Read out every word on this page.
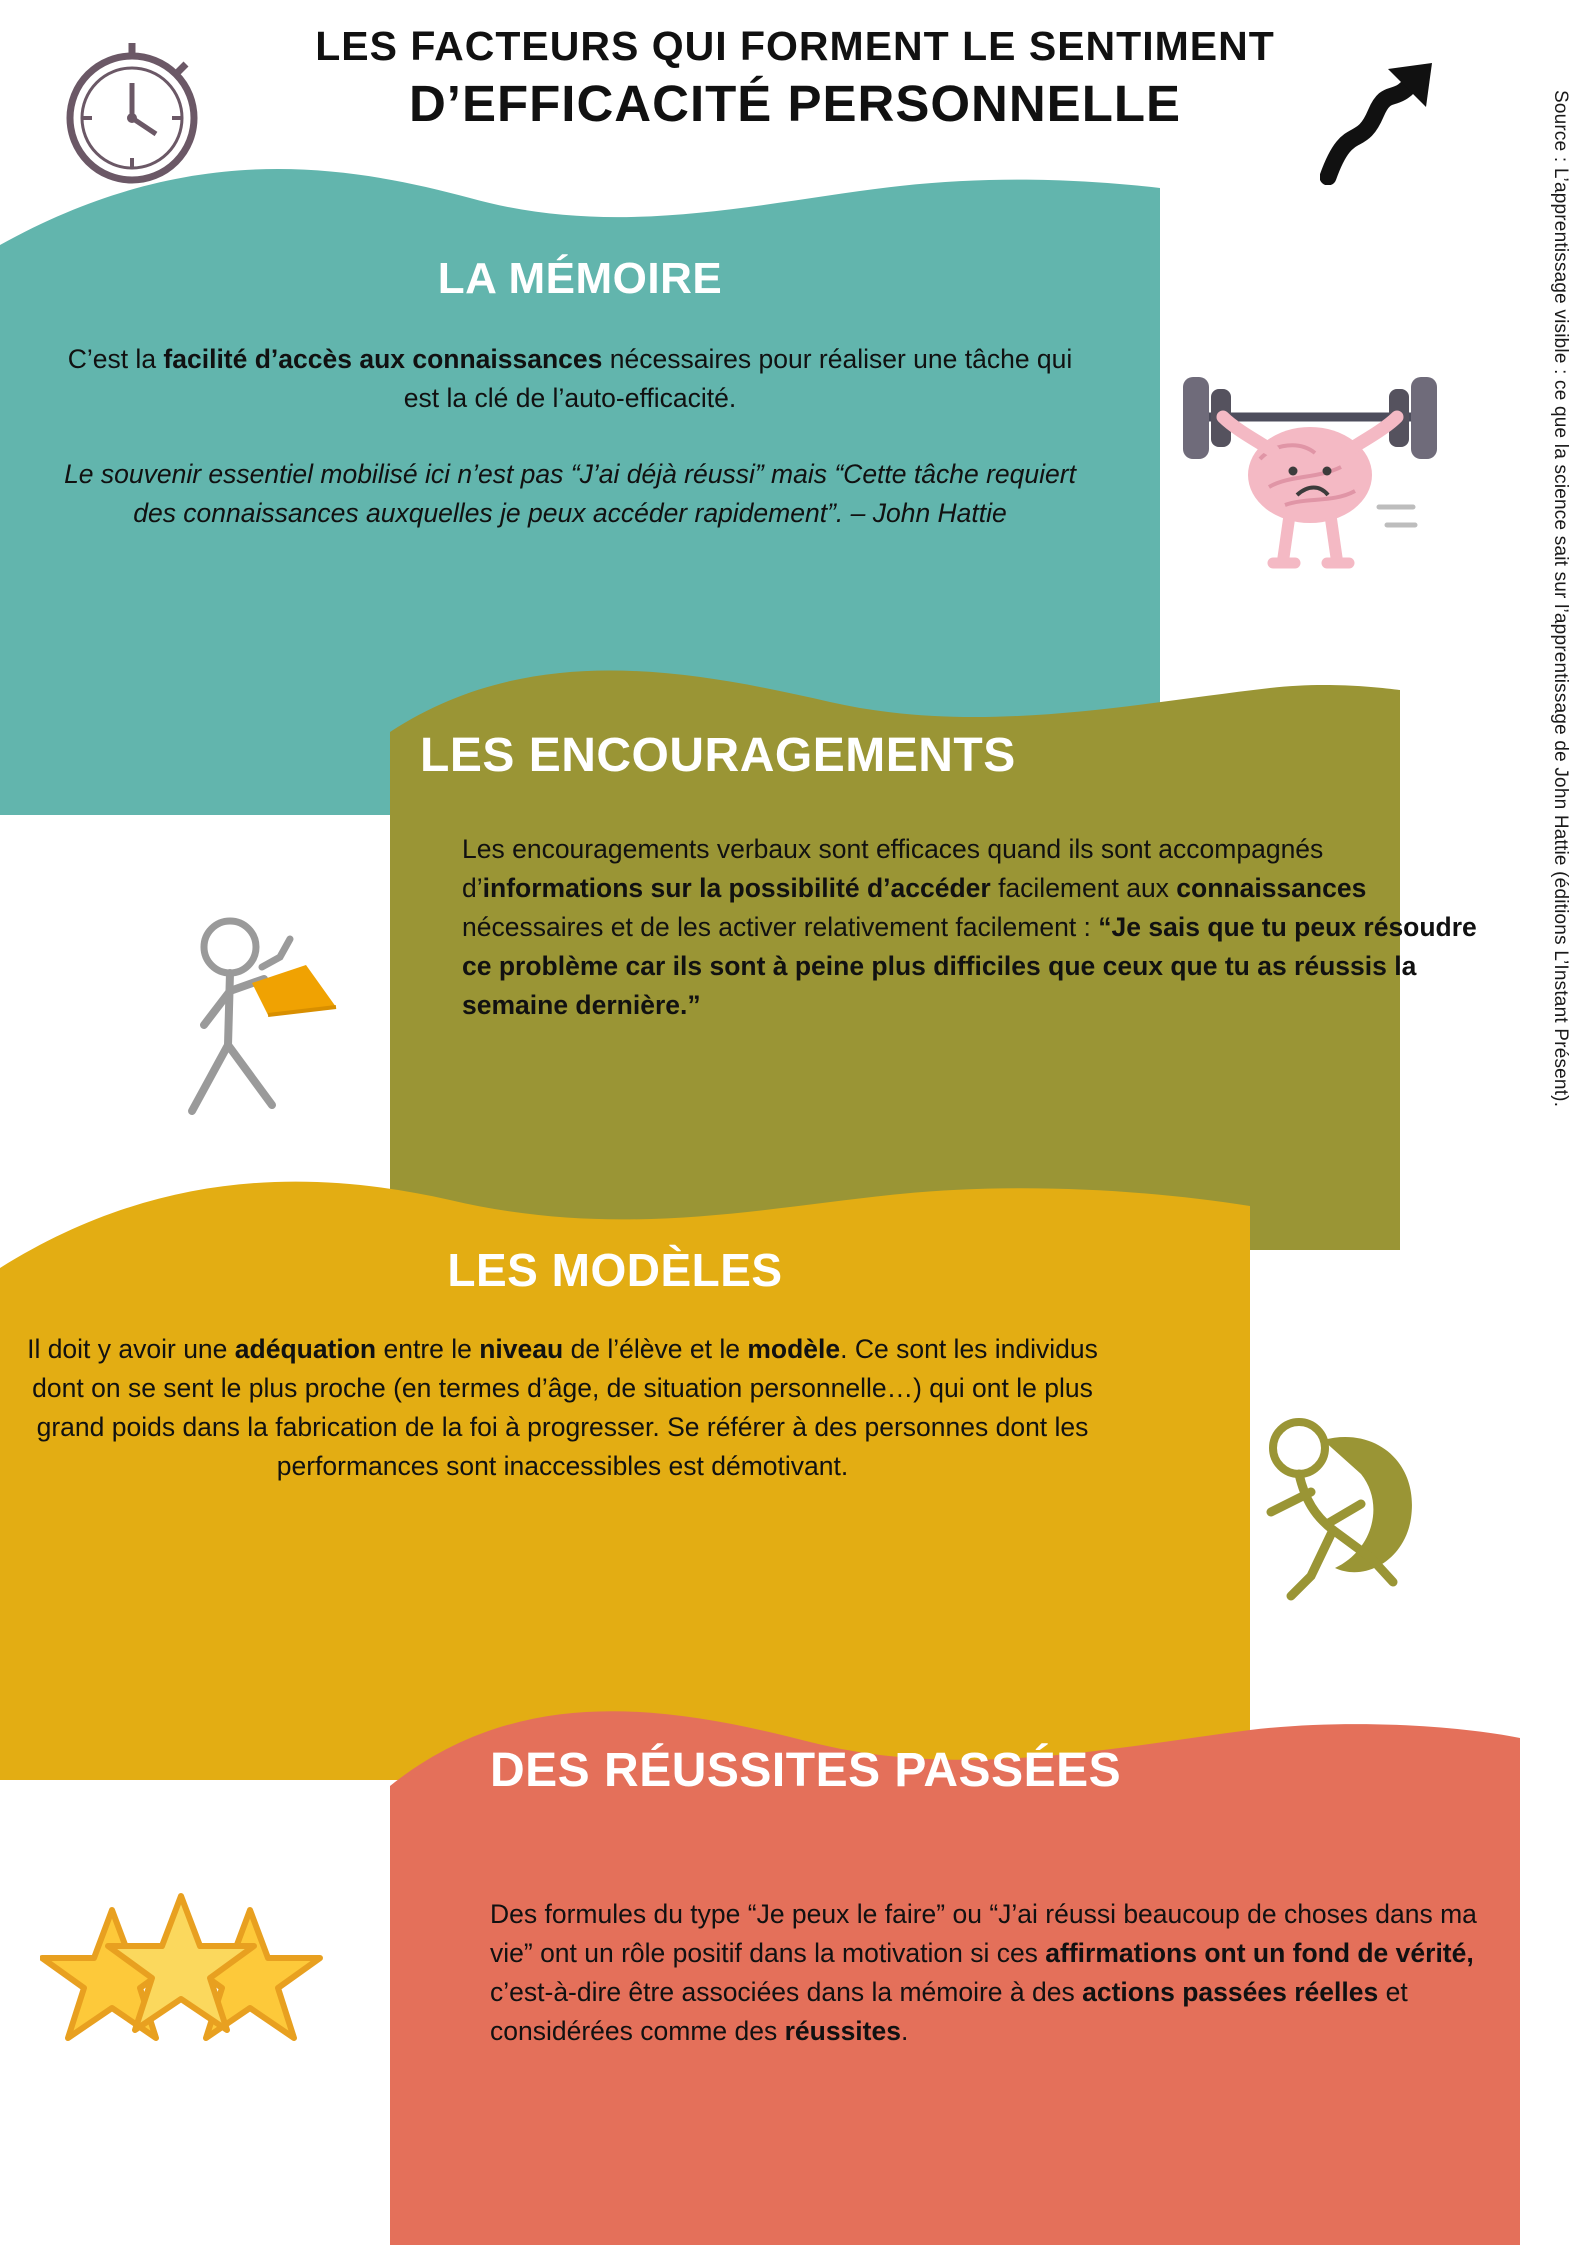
LES FACTEURS QUI FORMENT LE SENTIMENT
D’EFFICACITÉ PERSONNELLE	Source : L’apprentissage visible : ce que la science sait sur l’apprentissage de John Hattie (éditions L’Instant Présent).
LA MÉMOIRE
C’est la facilité d’accès aux connaissances nécessaires pour réaliser une tâche qui est la clé de l’auto-efficacité.
Le souvenir essentiel mobilisé ici n’est pas “J’ai déjà réussi” mais “Cette tâche requiert des connaissances auxquelles je peux accéder rapidement”. – John Hattie
LES ENCOURAGEMENTS
Les encouragements verbaux sont efficaces quand ils sont accompagnés d’informations sur la possibilité d’accéder facilement aux connaissances nécessaires et de les activer relativement facilement : “Je sais que tu peux résoudre ce problème car ils sont à peine plus difficiles que ceux que tu as réussis la semaine dernière.”
LES MODÈLES
Il doit y avoir une adéquation entre le niveau de l’élève et le modèle. Ce sont les individus dont on se sent le plus proche (en termes d’âge, de situation personnelle…) qui ont le plus grand poids dans la fabrication de la foi à progresser. Se référer à des personnes dont les performances sont inaccessibles est démotivant.
DES RÉUSSITES PASSÉES
Des formules du type “Je peux le faire” ou “J’ai réussi beaucoup de choses dans ma vie” ont un rôle positif dans la motivation si ces affirmations ont un fond de vérité, c’est-à-dire être associées dans la mémoire à des actions passées réelles et considérées comme des réussites.
